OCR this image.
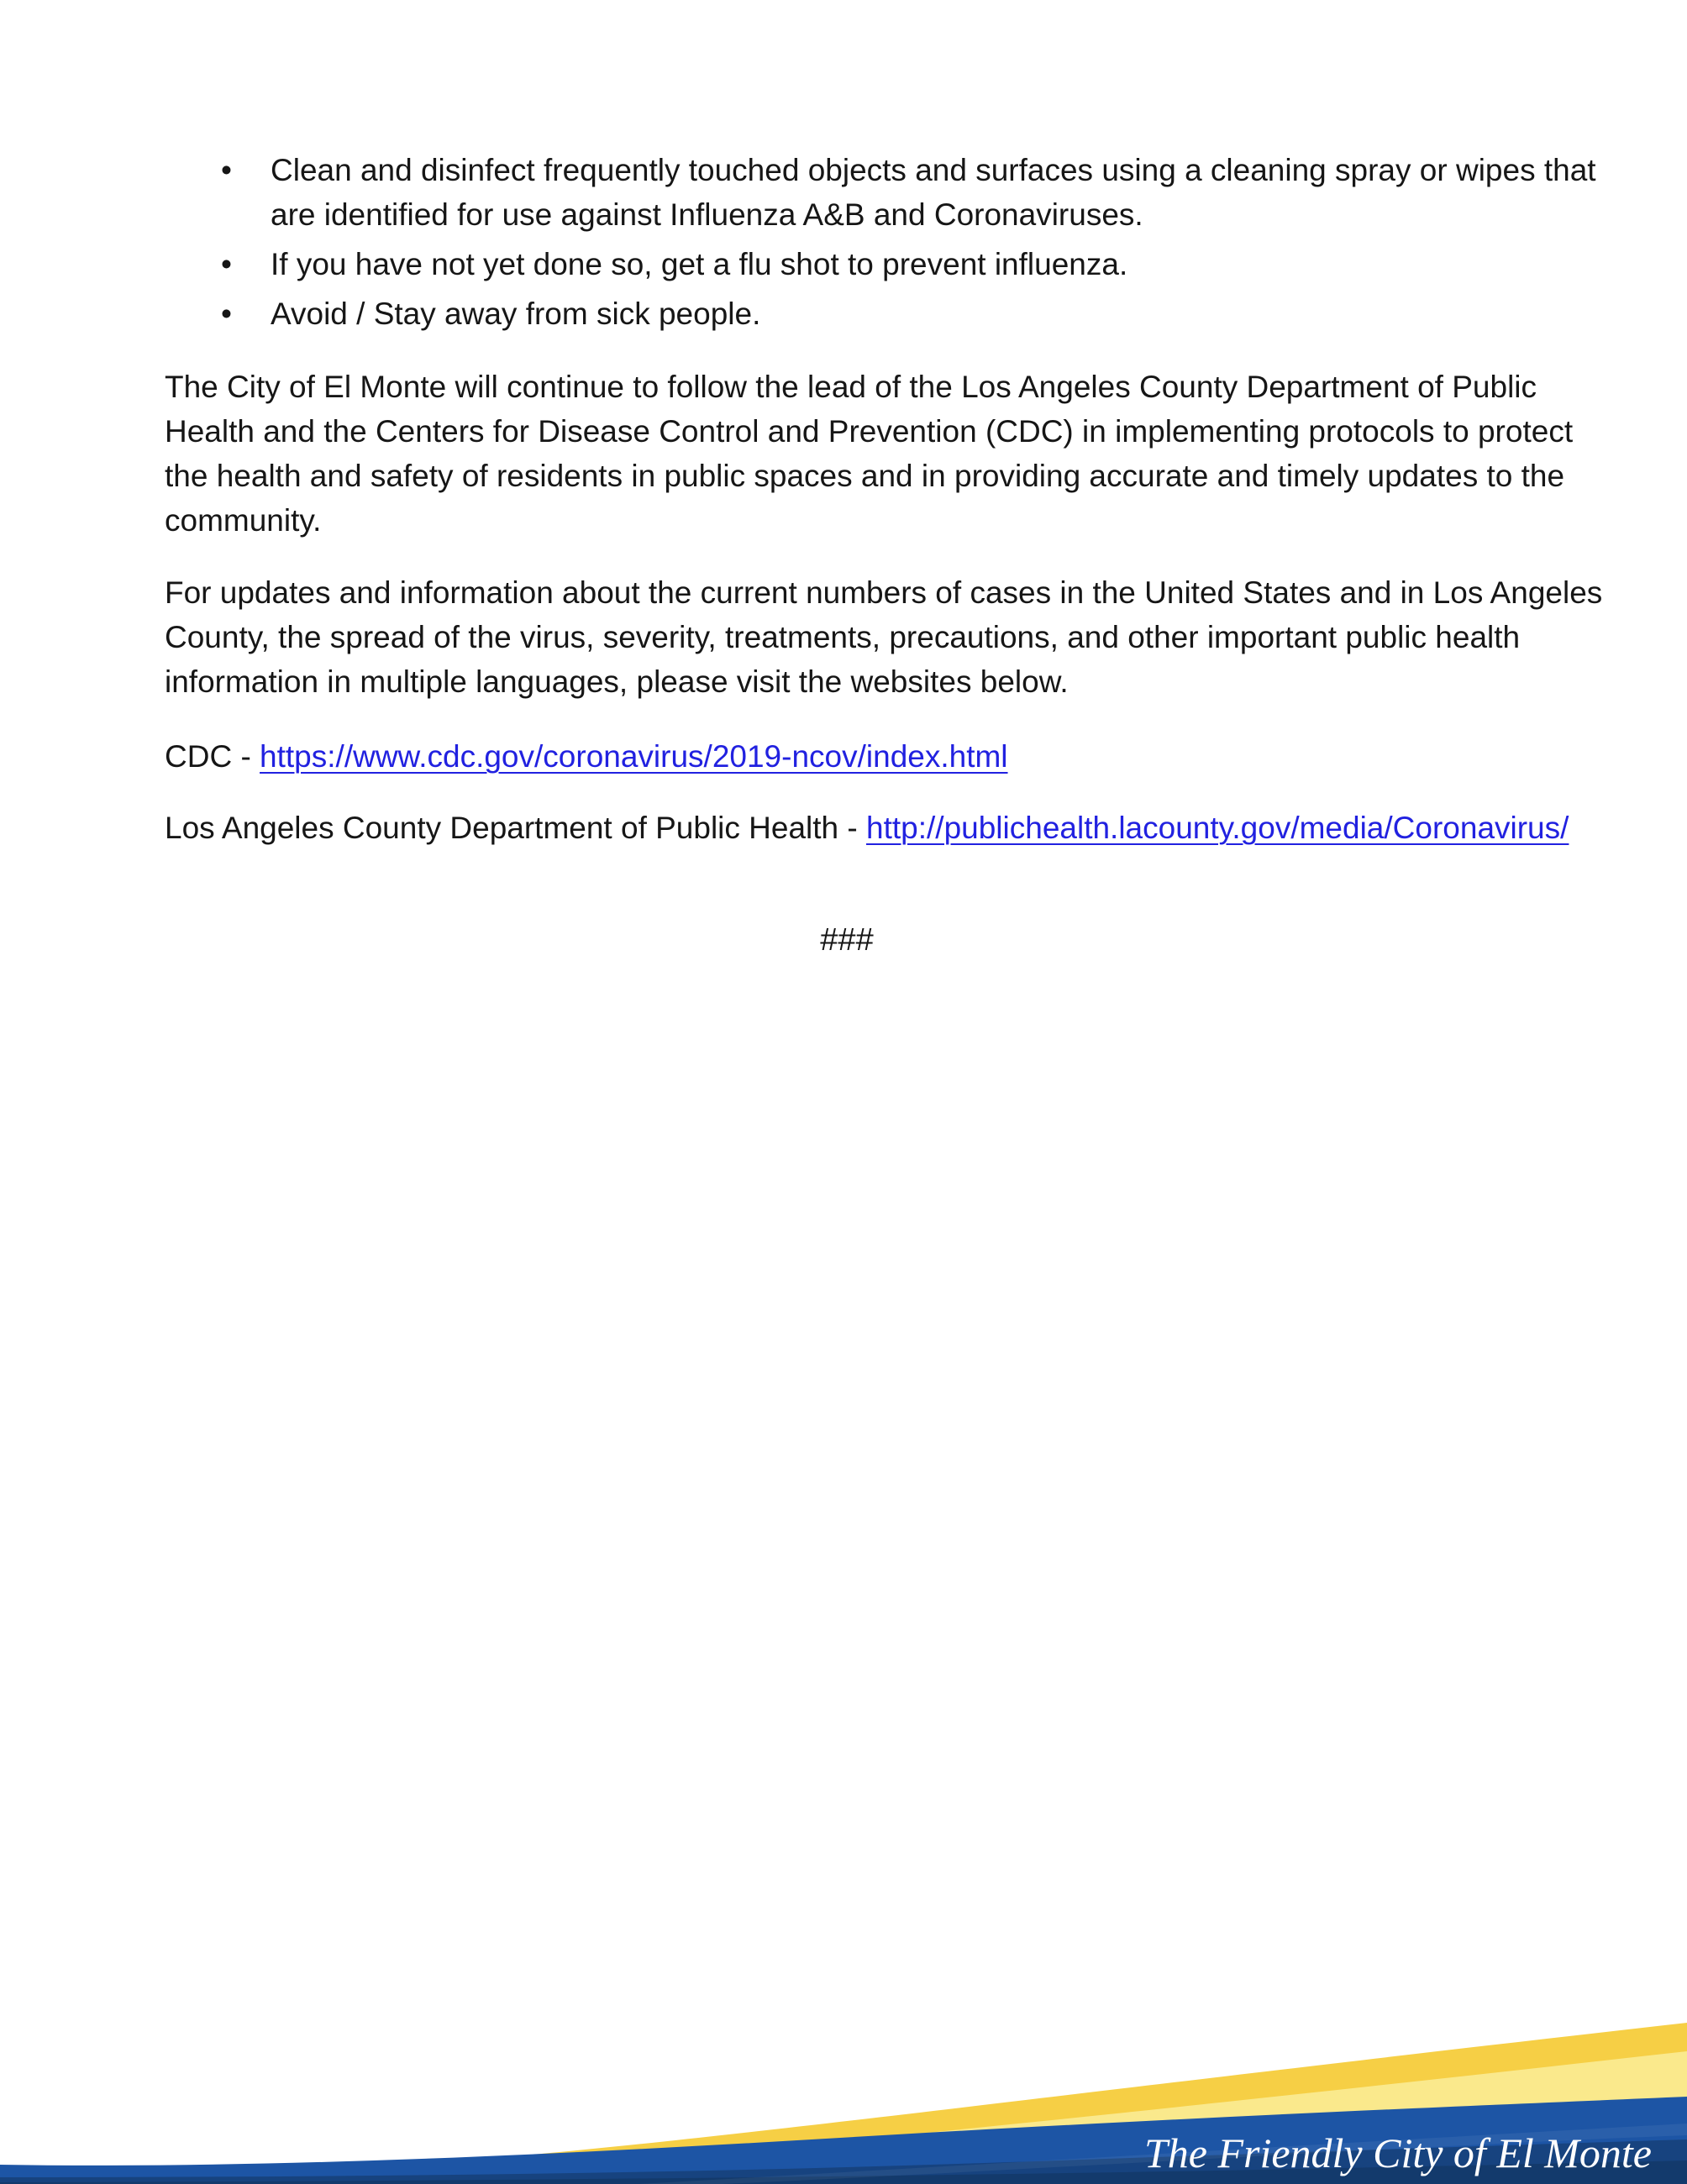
• Clean and disinfect frequently touched objects and surfaces using a cleaning spray or wipes that
are identified for use against Influenza A&B and Coronaviruses.
• If you have not yet done so, get a flu shot to prevent influenza.
• Avoid / Stay away from sick people.
The City of El Monte will continue to follow the lead of the Los Angeles County Department of Public
Health and the Centers for Disease Control and Prevention (CDC) in implementing protocols to protect
the health and safety of residents in public spaces and in providing accurate and timely updates to the
community.
For updates and information about the current numbers of cases in the United States and in Los Angeles
County, the spread of the virus, severity, treatments, precautions, and other important public health
information in multiple languages, please visit the websites below.
CDC - https://www.cdc.gov/coronavirus/2019-ncov/index.html
Los Angeles County Department of Public Health - http://publichealth.lacounty.gov/media/Coronavirus/
###
The Friendly City of El Monte
